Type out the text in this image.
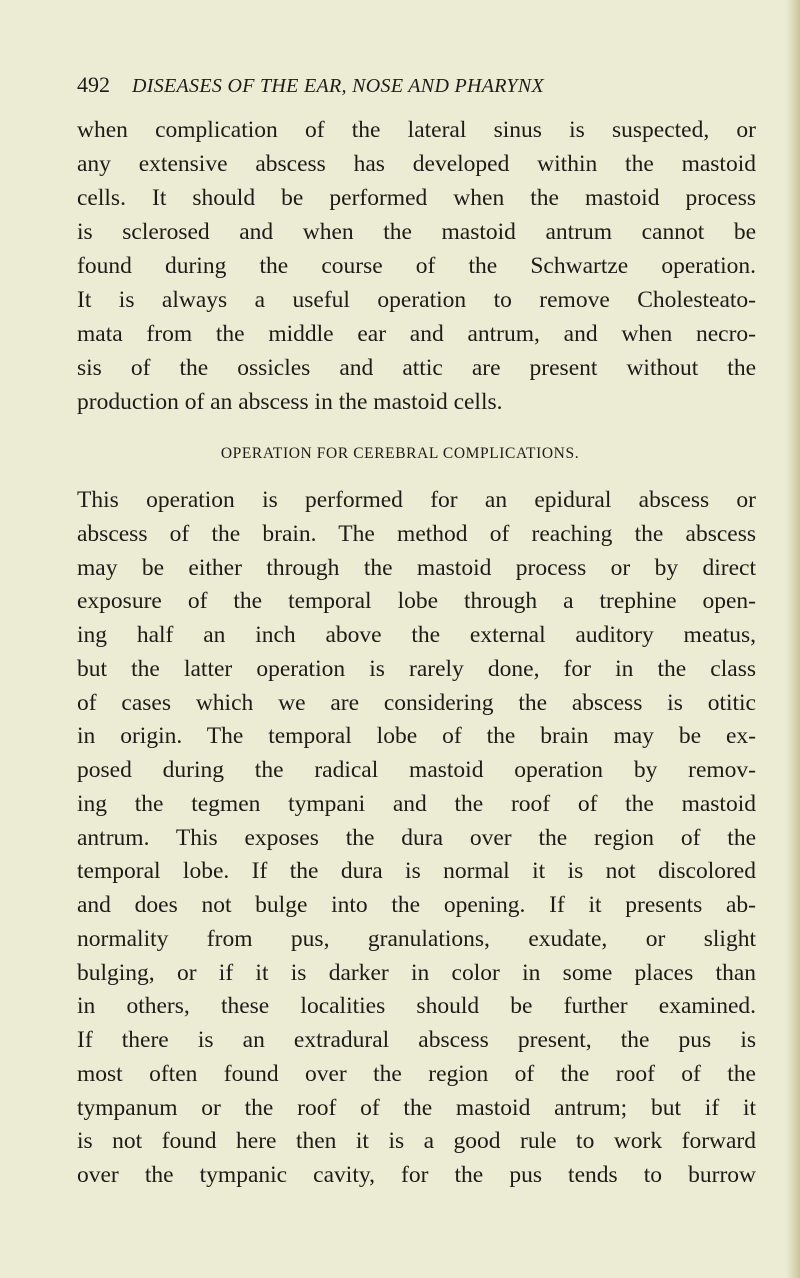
492 DISEASES OF THE EAR, NOSE AND PHARYNX
when complication of the lateral sinus is suspected, or
any extensive abscess has developed within the mastoid
cells. It should be performed when the mastoid process
is sclerosed and when the mastoid antrum cannot be
found during the course of the Schwartze operation.
It is always a useful operation to remove Cholesteato-
mata from the middle ear and antrum, and when necro-
sis of the ossicles and attic are present without the
production of an abscess in the mastoid cells.
OPERATION FOR CEREBRAL COMPLICATIONS.
This operation is performed for an epidural abscess or
abscess of the brain. The method of reaching the abscess
may be either through the mastoid process or by direct
exposure of the temporal lobe through a trephine open-
ing half an inch above the external auditory meatus,
but the latter operation is rarely done, for in the class
of cases which we are considering the abscess is otitic
in origin. The temporal lobe of the brain may be ex-
posed during the radical mastoid operation by remov-
ing the tegmen tympani and the roof of the mastoid
antrum. This exposes the dura over the region of the
temporal lobe. If the dura is normal it is not discolored
and does not bulge into the opening. If it presents ab-
normality from pus, granulations, exudate, or slight
bulging, or if it is darker in color in some places than
in others, these localities should be further examined.
If there is an extradural abscess present, the pus is
most often found over the region of the roof of the
tympanum or the roof of the mastoid antrum; but if it
is not found here then it is a good rule to work forward
over the tympanic cavity, for the pus tends to burrow
